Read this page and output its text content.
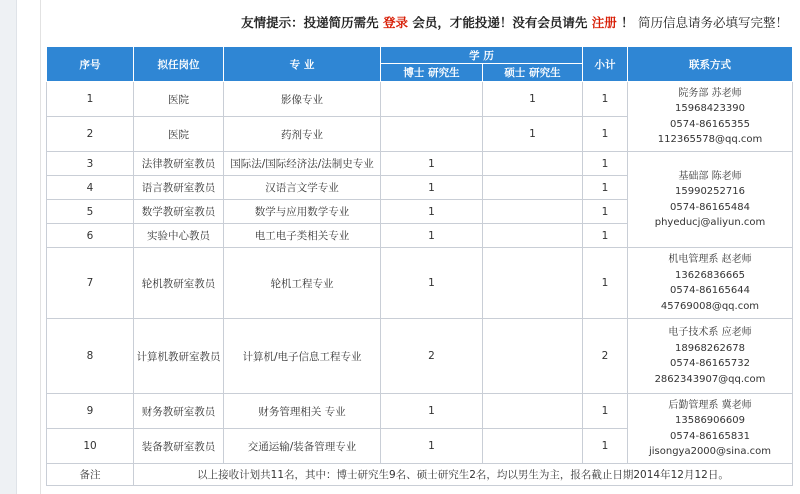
友情提示：投递简历需先 登录 会员，才能投递！没有会员请先 注册 ！ 简历信息请务必填写完整！
序号	拟任岗位	专 业	学 历		小计	联系方式
			博士 研究生	硕士 研究生		
1	医院	影像专业		1	1	院务部 苏老师
15968423390
0574-86165355
112365578@qq.com

2	医院	药剂专业		1	1	
3	法律教研室教员	国际法/国际经济法/法制史专业	1		1	基础部 陈老师
15990252716
0574-86165484
phyeducj@aliyun.com

4	语言教研室教员	汉语言文学专业	1		1	
5	数学教研室教员	数学与应用数学专业	1		1	
6	实验中心教员	电工电子类相关专业	1		1	
7	轮机教研室教员	轮机工程专业	1		1	机电管理系 赵老师
13626836665
0574-86165644
45769008@qq.com

8	计算机教研室教员	计算机/电子信息工程专业	2		2	电子技术系 应老师
18968262678
0574-86165732
2862343907@qq.com

9	财务教研室教员	财务管理相关 专业	1		1	后勤管理系 冀老师
13586906609
0574-86165831
jisongya2000@sina.com

10	装备教研室教员	交通运输/装备管理专业	1		1	
备注	以上接收计划共11名，其中：博士研究生9名、硕士研究生2名，均以男生为主，报名截止日期2014年12月12日。					
